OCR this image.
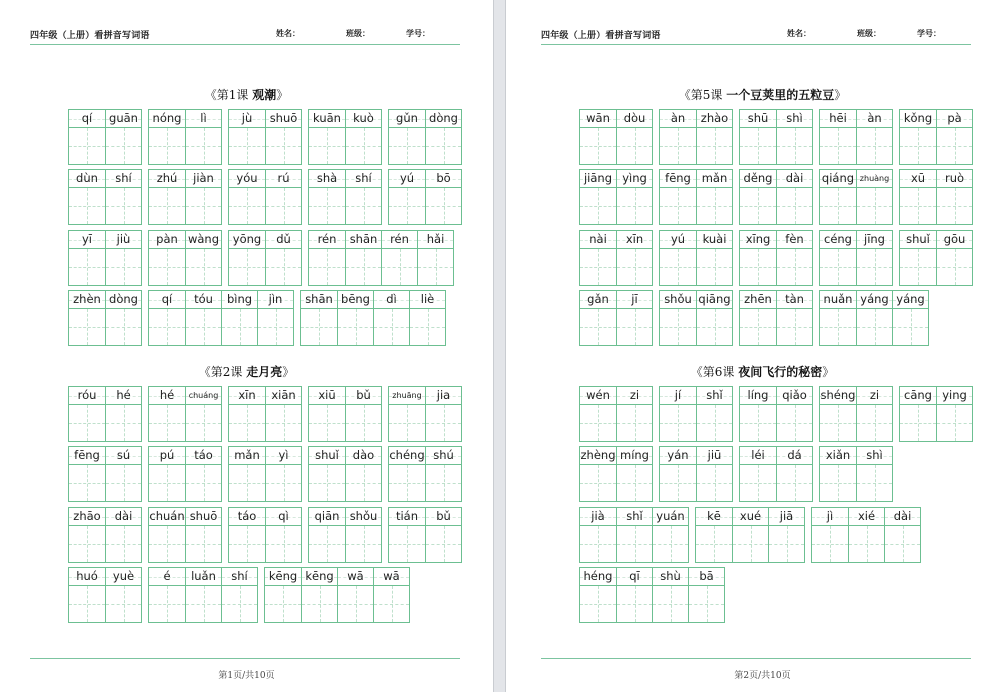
四年级（上册）看拼音写词语	姓名：	班级：	学号：
《第1课 观潮》
《第2课 走月亮》
qí	guān	nóng	lì	jù	shuō	kuān	kuò	gǔn dòng
dùn	shí	zhú	jiàn	yóu	rú	shà	shí	yú	bō
yī	jiù	pàn wàng	yōng	dǔ	rén	shān	rén	hǎi
zhèn dòng	qí	tóu	bìng	jìn	shān bēng	dì	liè
róu	hé	hé	chuáng	xīn	xiān	xiū	bǔ	zhuāng	jia
fēng	sú	pú	táo	mǎn	yì	shuǐ	dào	chéng shú
zhāo	dài	chuán shuō	táo	qì	qiān shǒu	tián	bǔ
huó	yuè	é	luǎn	shí	kēng kēng	wā	wā
第1页/共10页
四年级（上册）看拼音写词语	姓名：	班级：	学号：
《第5课 一个豆荚里的五粒豆》
《第6课 夜间飞行的秘密》
wān	dòu	àn	zhào	shū	shì	hēi	àn	kǒng	pà
jiāng yìng	fēng mǎn	děng	dài	qiáng zhuàng	xū	ruò
nài	xīn	yú	kuài	xīng	fèn	céng	jīng	shuǐ	gōu
gǎn	jī	shǒu qiāng	zhēn	tàn	nuǎn yáng yáng
wén	zi	jí	shǐ	líng	qiǎo	shéng	zi	cāng ying
zhèng míng	yán	jiū	léi	dá	xiǎn	shì
jià	shǐ	yuán	kē	xué	jiā	jì	xié	dài
héng	qī	shù	bā
第2页/共10页
